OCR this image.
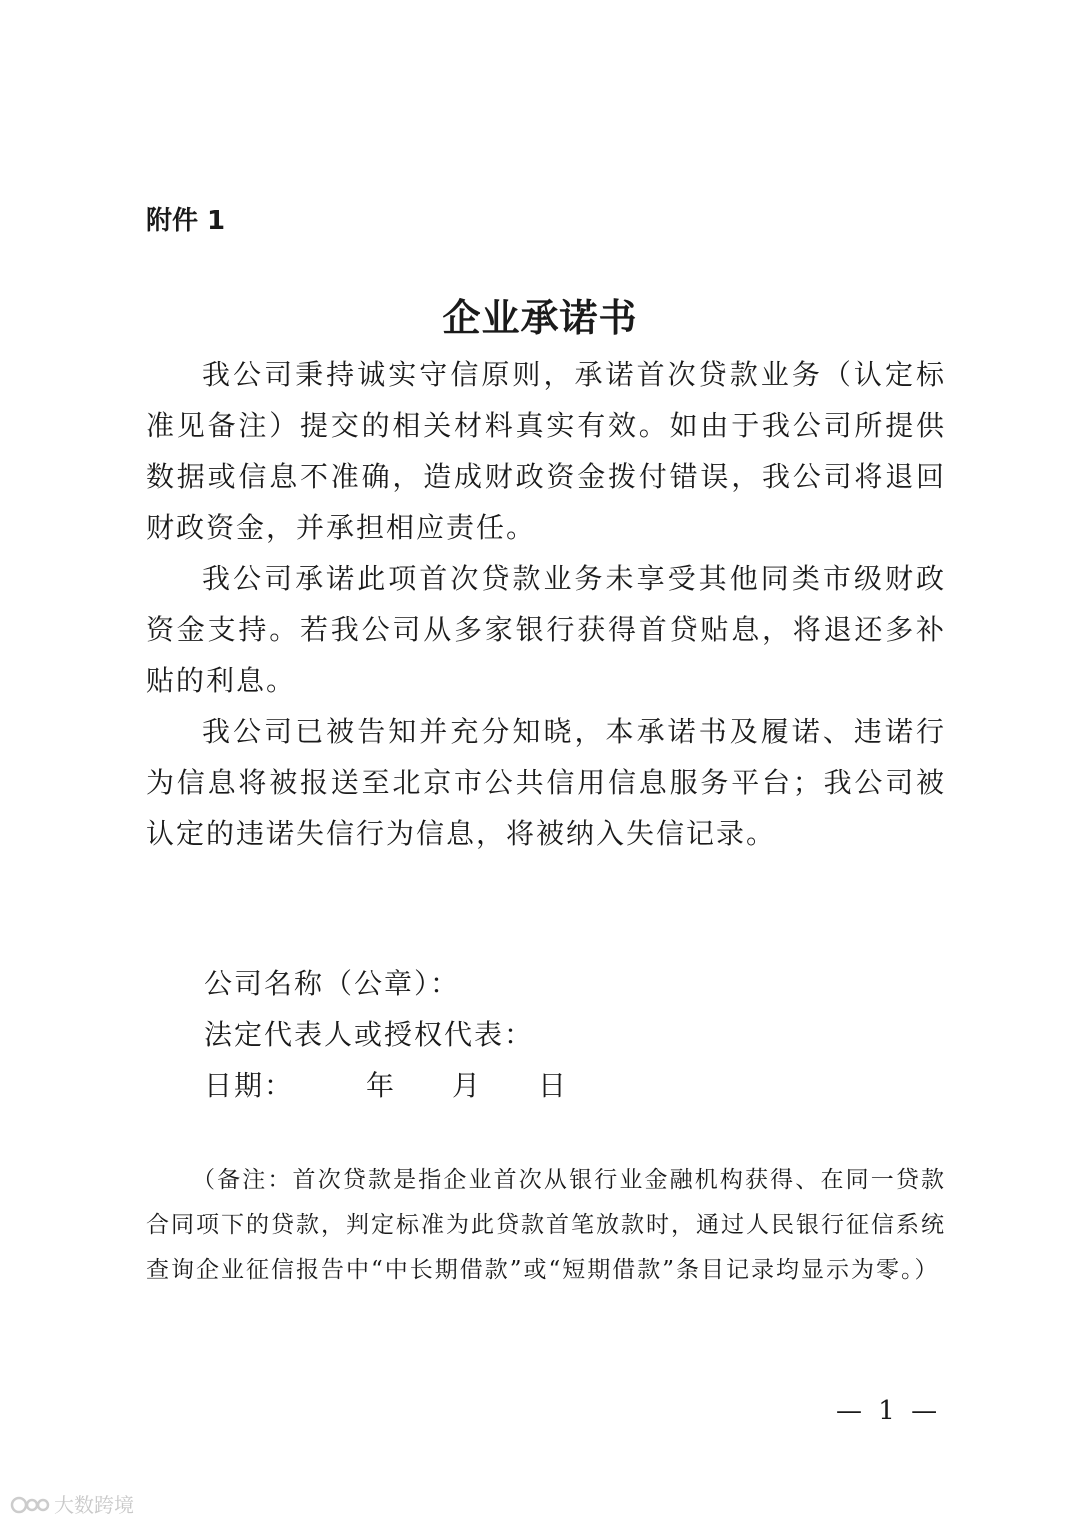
附件 1
企业承诺书

我公司秉持诚实守信原则，承诺首次贷款业务（认定标准见备注）提交的相关材料真实有效。如由于我公司所提供数据或信息不准确，造成财政资金拨付错误，我公司将退回财政资金，并承担相应责任。

我公司承诺此项首次贷款业务未享受其他同类市级财政资金支持。若我公司从多家银行获得首贷贴息，将退还多补贴的利息。

我公司已被告知并充分知晓，本承诺书及履诺、违诺行为信息将被报送至北京市公共信用信息服务平台；我公司被认定的违诺失信行为信息，将被纳入失信记录。

公司名称（公章）：
法定代表人或授权代表：
日期：	年 月 日

（备注：首次贷款是指企业首次从银行业金融机构获得、在同一贷款合同项下的贷款，判定标准为此贷款首笔放款时，通过人民银行征信系统查询企业征信报告中“中长期借款”或“短期借款”条目记录均显示为零。）

— 1 —
大数跨境
